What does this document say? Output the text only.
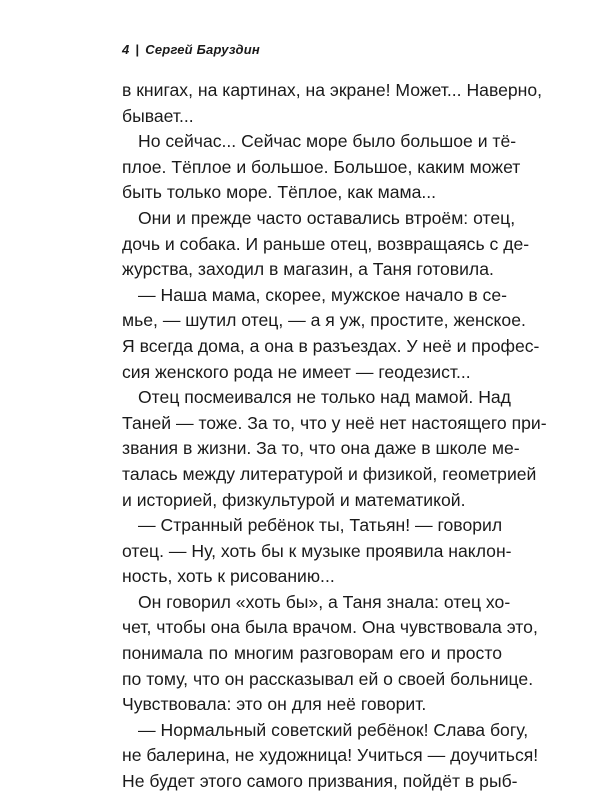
4 | Сергей Баруздин
в книгах, на картинах, на экране! Может... Наверно,
бывает...
Но сейчас... Сейчас море было большое и тё-
плое. Тёплое и большое. Большое, каким может
быть только море. Тёплое, как мама...
Они и прежде часто оставались втроём: отец,
дочь и собака. И раньше отец, возвращаясь с де-
журства, заходил в магазин, а Таня готовила.
— Наша мама, скорее, мужское начало в се-
мье, — шутил отец, — а я уж, простите, женское.
Я всегда дома, а она в разъездах. У неё и профес-
сия женского рода не имеет — геодезист...
Отец посмеивался не только над мамой. Над
Таней — тоже. За то, что у неё нет настоящего при-
звания в жизни. За то, что она даже в школе ме-
талась между литературой и физикой, геометрией
и историей, физкультурой и математикой.
— Странный ребёнок ты, Татьян! — говорил
отец. — Ну, хоть бы к музыке проявила наклон-
ность, хоть к рисованию...
Он говорил «хоть бы», а Таня знала: отец хо-
чет, чтобы она была врачом. Она чувствовала это,
понимала по многим разговорам его и просто
по тому, что он рассказывал ей о своей больнице.
Чувствовала: это он для неё говорит.
— Нормальный советский ребёнок! Слава богу,
не балерина, не художница! Учиться — доучиться!
Не будет этого самого призвания, пойдёт в рыб-
